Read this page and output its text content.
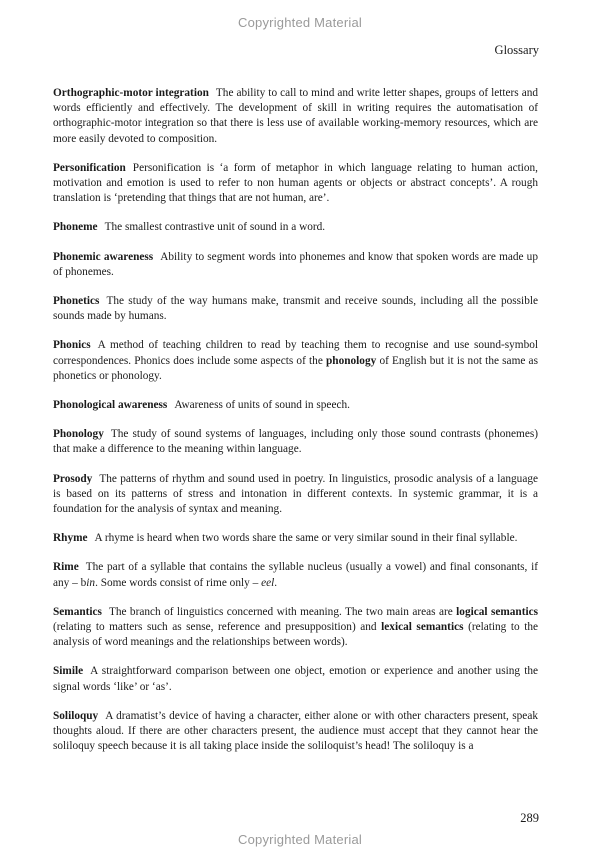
Copyrighted Material
Glossary

Orthographic-motor integration The ability to call to mind and write letter shapes, groups of letters and words efficiently and effectively. The development of skill in writing requires the automatisation of orthographic-motor integration so that there is less use of available working-memory resources, which are more easily devoted to composition.

Personification Personification is ‘a form of metaphor in which language relating to human action, motivation and emotion is used to refer to non human agents or objects or abstract concepts’. A rough translation is ‘pretending that things that are not human, are’.

Phoneme The smallest contrastive unit of sound in a word.

Phonemic awareness Ability to segment words into phonemes and know that spoken words are made up of phonemes.

Phonetics The study of the way humans make, transmit and receive sounds, including all the possible sounds made by humans.

Phonics A method of teaching children to read by teaching them to recognise and use sound-symbol correspondences. Phonics does include some aspects of the phonology of English but it is not the same as phonetics or phonology.

Phonological awareness Awareness of units of sound in speech.

Phonology The study of sound systems of languages, including only those sound contrasts (phonemes) that make a difference to the meaning within language.

Prosody The patterns of rhythm and sound used in poetry. In linguistics, prosodic analysis of a language is based on its patterns of stress and intonation in different contexts. In systemic grammar, it is a foundation for the analysis of syntax and meaning.

Rhyme A rhyme is heard when two words share the same or very similar sound in their final syllable.

Rime The part of a syllable that contains the syllable nucleus (usually a vowel) and final consonants, if any – bin. Some words consist of rime only – eel.

Semantics The branch of linguistics concerned with meaning. The two main areas are logical semantics (relating to matters such as sense, reference and presupposition) and lexical semantics (relating to the analysis of word meanings and the relationships between words).

Simile A straightforward comparison between one object, emotion or experience and another using the signal words ‘like’ or ‘as’.

Soliloquy A dramatist’s device of having a character, either alone or with other characters present, speak thoughts aloud. If there are other characters present, the audience must accept that they cannot hear the soliloquy speech because it is all taking place inside the soliloquist’s head! The soliloquy is a

289
Copyrighted Material
